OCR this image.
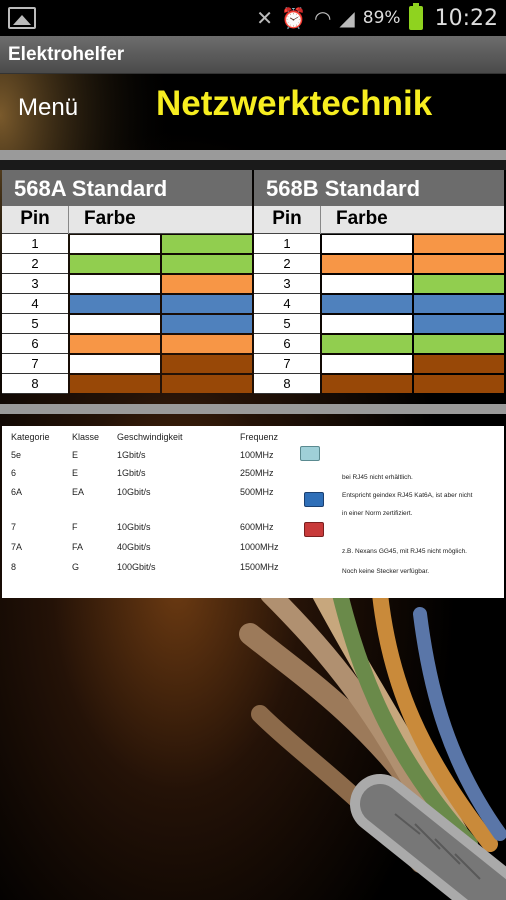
✕ ⏰ ◠ ◢ 89% 10:22
Elektrohelfer
Menü Netzwerktechnik
568A Standard
Pin	Farbe
1
2
3
4
5
6
7
8
568B Standard
Pin	Farbe
1
2
3
4
5
6
7
8
Kategorie Klasse Geschwindigkeit	Frequenz
5e	E	1Gbit/s	100MHz
6	E	1Gbit/s	250MHz
6A	EA	10Gbit/s	500MHz
7	F	10Gbit/s	600MHz
7A	FA	40Gbit/s	1000MHz
8	G	100Gbit/s	1500MHz
bei RJ45 nicht erhältlich.
Entspricht geindex RJ45 Kat6A, ist aber nicht
in einer Norm zertifiziert.
z.B. Nexans GG45, mit RJ45 nicht möglich.
Noch keine Stecker verfügbar.
